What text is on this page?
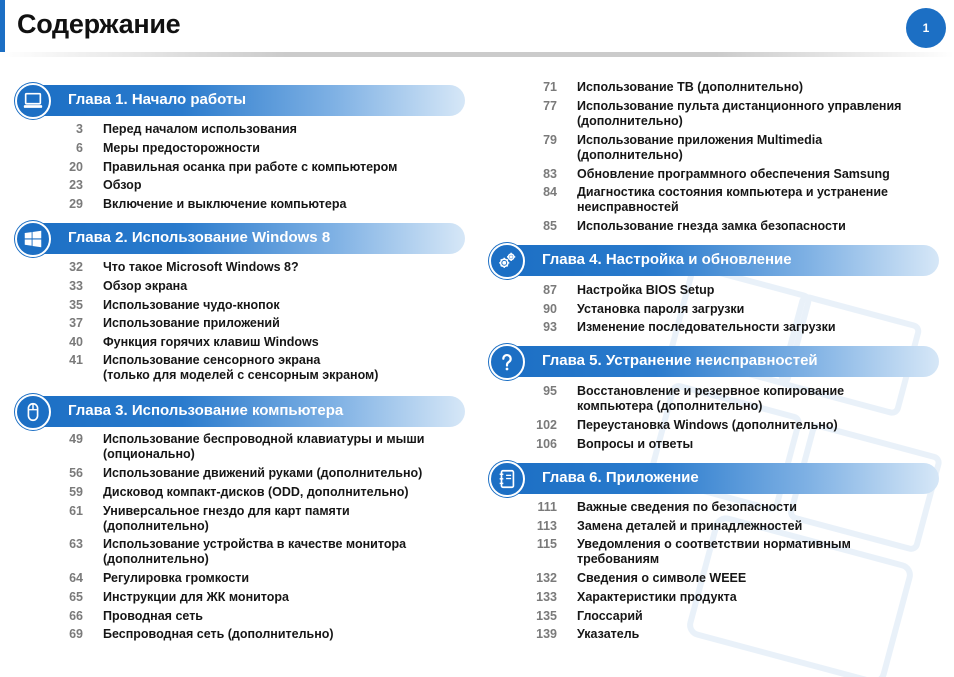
Содержание	1
Глава 1. Начало работы
3 Перед началом использования
6 Меры предосторожности
20 Правильная осанка при работе с компьютером
23 Обзор
29 Включение и выключение компьютера
Глава 2. Использование Windows 8
32 Что такое Microsoft Windows 8?
33 Обзор экрана
35 Использование чудо-кнопок
37 Использование приложений
40 Функция горячих клавиш Windows
41 Использование сенсорного экрана
(только для моделей с сенсорным экраном)
Глава 3. Использование компьютера
49 Использование беспроводной клавиатуры и мыши
(опционально)
56 Использование движений руками (дополнительно)
59 Дисковод компакт-дисков (ODD, дополнительно)
61 Универсальное гнездо для карт памяти
(дополнительно)
63 Использование устройства в качестве монитора
(дополнительно)
64 Регулировка громкости
65 Инструкции для ЖК монитора
66 Проводная сеть
69 Беспроводная сеть (дополнительно)
71 Использование ТВ (дополнительно)
77 Использование пульта дистанционного управления
(дополнительно)
79 Использование приложения Multimedia
(дополнительно)
83 Обновление программного обеспечения Samsung
84 Диагностика состояния компьютера и устранение
неисправностей
85 Использование гнезда замка безопасности
Глава 4. Настройка и обновление
87 Настройка BIOS Setup
90 Установка пароля загрузки
93 Изменение последовательности загрузки
Глава 5. Устранение неисправностей
95 Восстановление и резервное копирование
компьютера (дополнительно)
102 Переустановка Windows (дополнительно)
106 Вопросы и ответы
Глава 6. Приложение
111 Важные сведения по безопасности
113 Замена деталей и принадлежностей
115 Уведомления о соответствии нормативным
требованиям
132 Сведения о символе WEEE
133 Характеристики продукта
135 Глоссарий
139 Указатель
